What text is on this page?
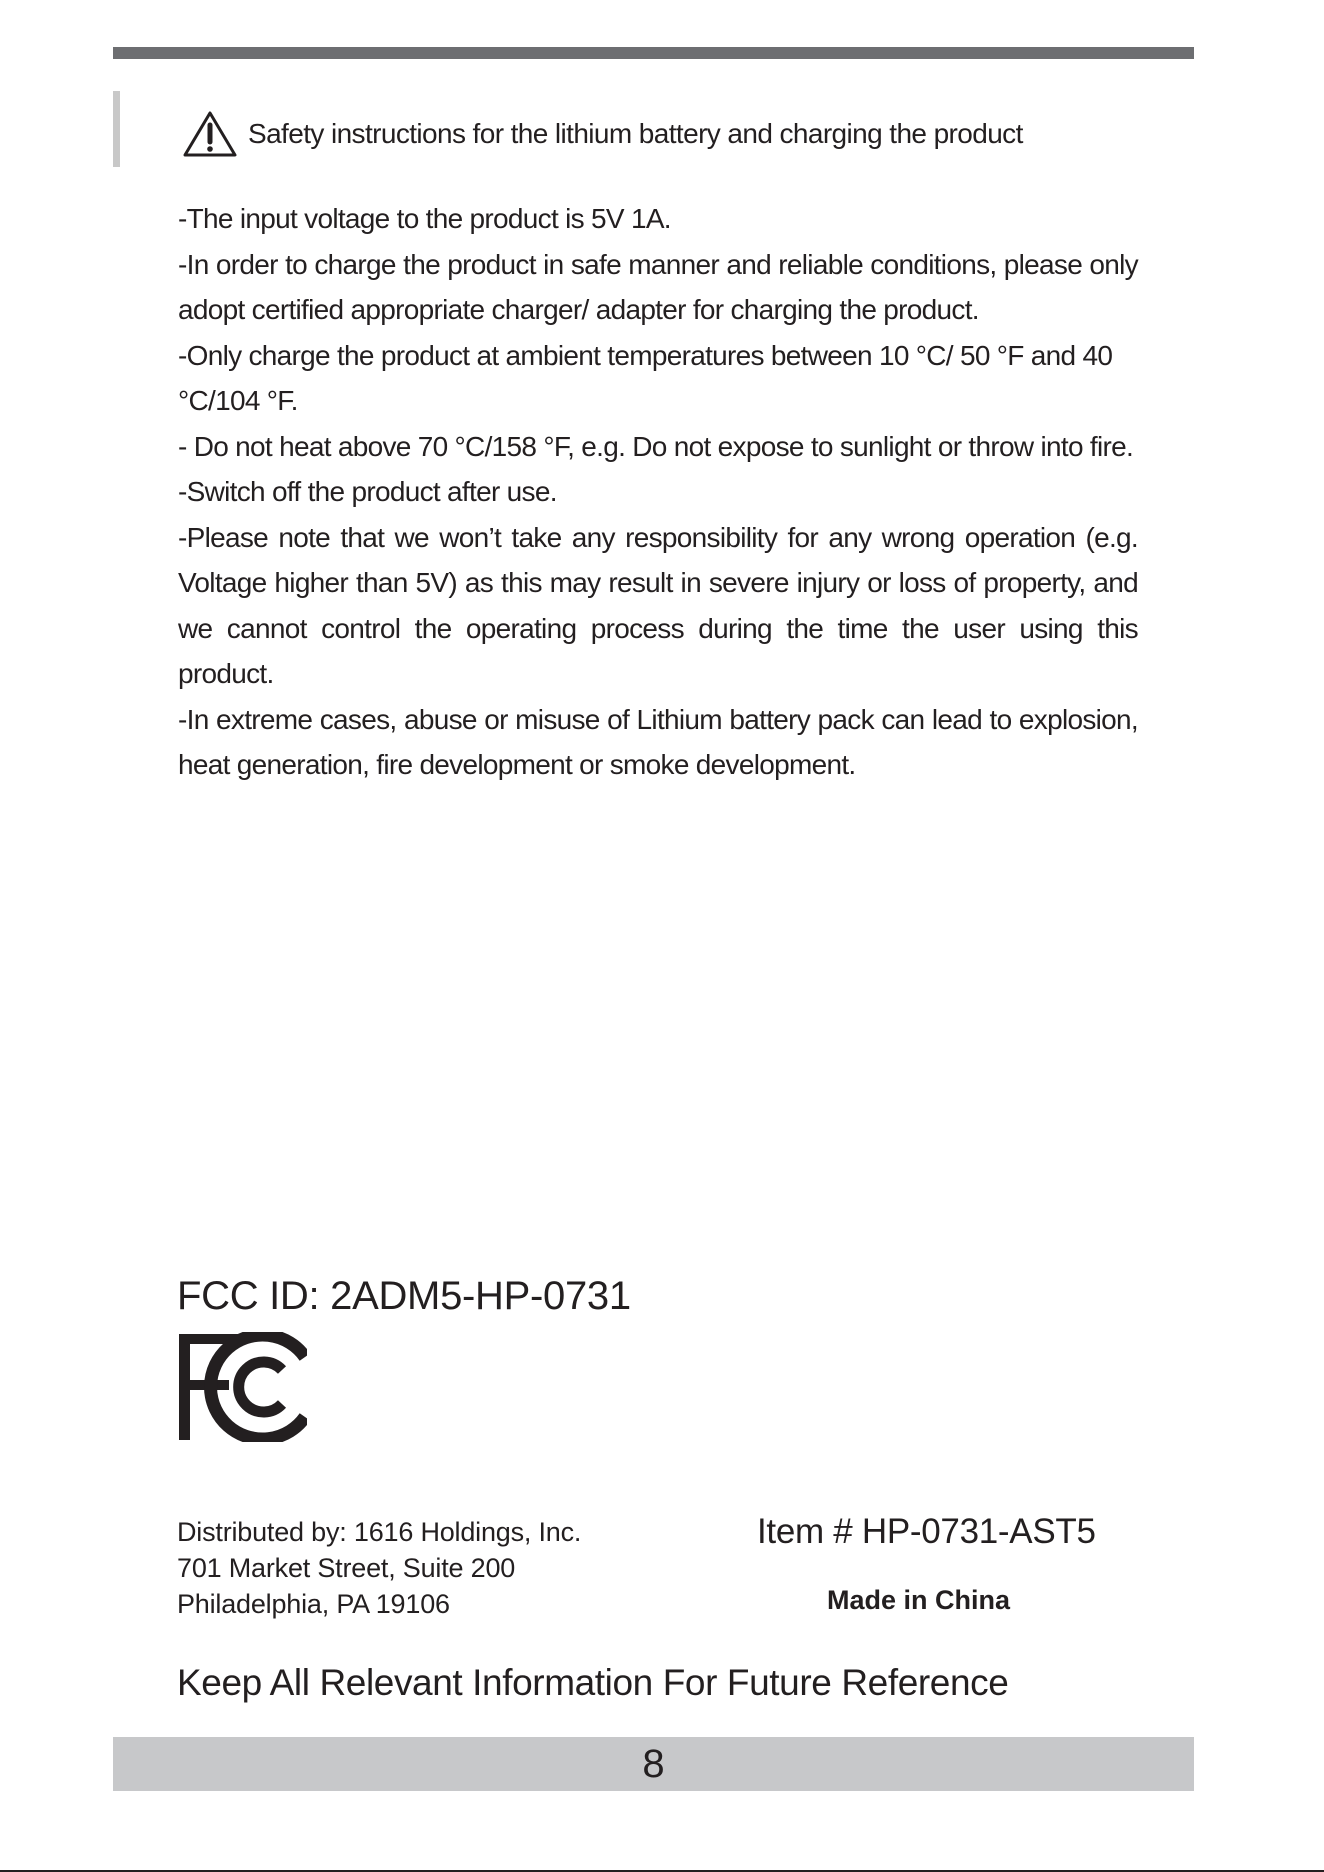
Safety instructions for the lithium battery and charging the product

-The input voltage to the product is 5V 1A.

-In order to charge the product in safe manner and reliable conditions, please only adopt certified appropriate charger/ adapter for charging the product.

-Only charge the product at ambient temperatures between 10 °C/ 50 °F and 40 °C/104 °F.

- Do not heat above 70 °C/158 °F, e.g. Do not expose to sunlight or throw into fire.

-Switch off the product after use.

-Please note that we won’t take any responsibility for any wrong operation (e.g. Voltage higher than 5V) as this may result in severe injury or loss of property, and we cannot control the operating process during the time the user using this product.

-In extreme cases, abuse or misuse of Lithium battery pack can lead to explosion, heat generation, fire development or smoke development.

FCC ID: 2ADM5-HP-0731
Distributed by: 1616 Holdings, Inc.
701 Market Street, Suite 200
Philadelphia, PA 19106
Item # HP-0731-AST5
Made in China
Keep All Relevant Information For Future Reference
8
